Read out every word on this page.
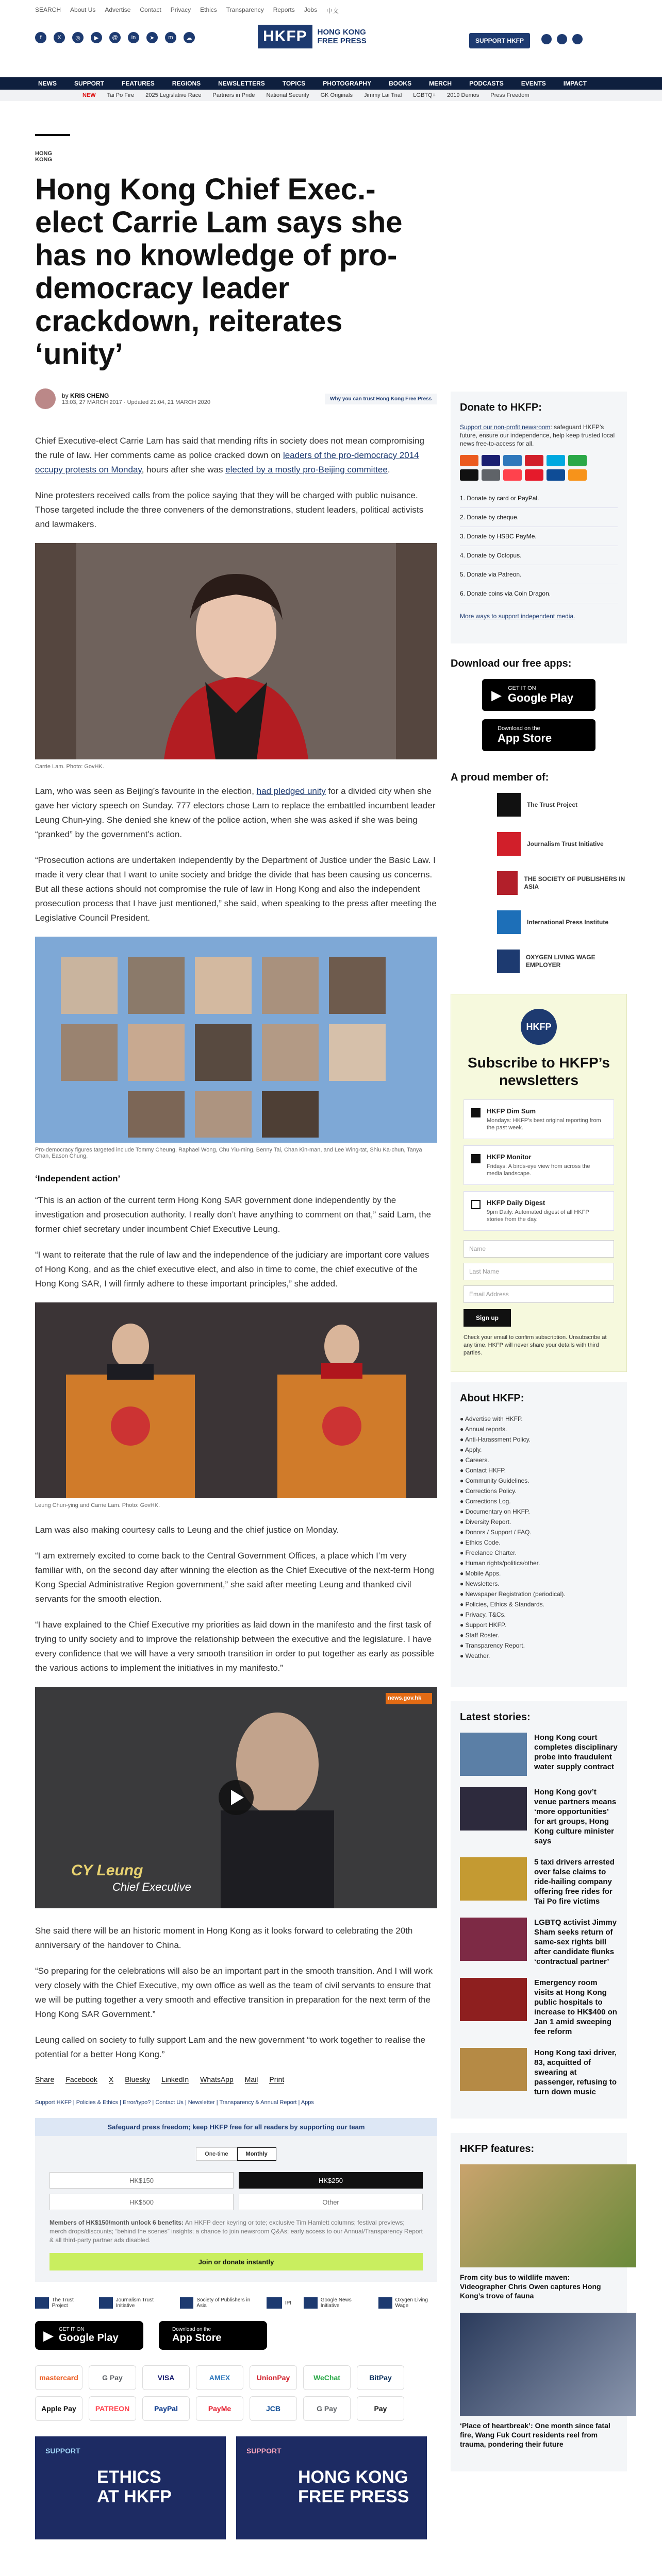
SEARCH About Us Advertise Contact Privacy Ethics Transparency Reports Jobs 中文
f	X	◎	▶	@	in	➤	m	☁	HKFP	HONG KONG
FREE PRESS	SUPPORT HKFP
NEWS	SUPPORT	FEATURES	REGIONS	NEWSLETTERS	TOPICS	PHOTOGRAPHY	BOOKS	MERCH	PODCASTS	EVENTS	IMPACT
NEW Tai Po Fire 2025 Legislative Race Partners in Pride National Security GK Originals Jimmy Lai Trial LGBTQ+ 2019 Demos Press Freedom
HONG KONG
Hong Kong Chief Exec.-elect Carrie Lam says she has no knowledge of pro-democracy leader crackdown, reiterates ‘unity’
by KRIS CHENG
13:03, 27 MARCH 2017 · Updated 21:04, 21 MARCH 2020
Why you can trust Hong Kong Free Press

Chief Executive-elect Carrie Lam has said that mending rifts in society does not mean compromising the rule of law. Her comments came as police cracked down on leaders of the pro-democracy 2014 occupy protests on Monday, hours after she was elected by a mostly pro-Beijing committee.

Nine protesters received calls from the police saying that they will be charged with public nuisance. Those targeted include the three conveners of the demonstrations, student leaders, political activists and lawmakers.

Carrie Lam. Photo: GovHK.

Lam, who was seen as Beijing’s favourite in the election, had pledged unity for a divided city when she gave her victory speech on Sunday. 777 electors chose Lam to replace the embattled incumbent leader Leung Chun-ying. She denied she knew of the police action, when she was asked if she was being “pranked” by the government’s action.

“Prosecution actions are undertaken independently by the Department of Justice under the Basic Law. I made it very clear that I want to unite society and bridge the divide that has been causing us concerns. But all these actions should not compromise the rule of law in Hong Kong and also the independent prosecution process that I have just mentioned,” she said, when speaking to the press after meeting the Legislative Council President.

Pro-democracy figures targeted include Tommy Cheung, Raphael Wong, Chu Yiu-ming, Benny Tai, Chan Kin-man, and Lee Wing-tat, Shiu Ka-chun, Tanya Chan, Eason Chung.
‘Independent action’

“This is an action of the current term Hong Kong SAR government done independently by the investigation and prosecution authority. I really don’t have anything to comment on that,” said Lam, the former chief secretary under incumbent Chief Executive Leung.

“I want to reiterate that the rule of law and the independence of the judiciary are important core values of Hong Kong, and as the chief executive elect, and also in time to come, the chief executive of the Hong Kong SAR, I will firmly adhere to these important principles,” she added.

Leung Chun-ying and Carrie Lam. Photo: GovHK.

Lam was also making courtesy calls to Leung and the chief justice on Monday.

“I am extremely excited to come back to the Central Government Offices, a place which I’m very familiar with, on the second day after winning the election as the Chief Executive of the next-term Hong Kong Special Administrative Region government,” she said after meeting Leung and thanked civil servants for the smooth election.

“I have explained to the Chief Executive my priorities as laid down in the manifesto and the first task of trying to unify society and to improve the relationship between the executive and the legislature. I have every confidence that we will have a very smooth transition in order to put together as early as possible the various actions to implement the initiatives in my manifesto.”

news.gov.hk
CY Leung
Chief Executive

She said there will be an historic moment in Hong Kong as it looks forward to celebrating the 20th anniversary of the handover to China.

“So preparing for the celebrations will also be an important part in the smooth transition. And I will work very closely with the Chief Executive, my own office as well as the team of civil servants to ensure that we will be putting together a very smooth and effective transition in preparation for the next term of the Hong Kong SAR Government.”

Leung called on society to fully support Lam and the new government “to work together to realise the potential for a better Hong Kong.”

Share Facebook X Bluesky LinkedIn WhatsApp Mail Print
Support HKFP | Policies & Ethics | Error/typo? | Contact Us | Newsletter | Transparency & Annual Report | Apps
Safeguard press freedom; keep HKFP free for all readers by supporting our team
One-time	Monthly
HK$150	HK$250
HK$500	Other
Members of HK$150/month unlock 6 benefits: An HKFP deer keyring or tote; exclusive Tim Hamlett columns; festival previews; merch drops/discounts; “behind the scenes” insights; a chance to join newsroom Q&As; early access to our Annual/Transparency Report & all third-party partner ads disabled.
Join or donate instantly
The Trust Project
Journalism Trust Initiative
Society of Publishers in Asia	IPI	Google News Initiative
Oxygen Living Wage
▶ GET IT ON
Google Play
Download on the
App Store
mastercard	G Pay	VISA	AMEX	UnionPay	WeChat	BitPay
Apple Pay	PATREON	PayPal	PayMe	JCB	G Pay	Pay
SUPPORT
ETHICS
AT HKFP
SUPPORT
HONG KONG
FREE PRESS
Donate to HKFP:
Support our non-profit newsroom: safeguard HKFP’s future, ensure our independence, help keep trusted local news free-to-access for all.
1. Donate by card or PayPal.
2. Donate by cheque.
3. Donate by HSBC PayMe.
4. Donate by Octopus.
5. Donate via Patreon.
6. Donate coins via Coin Dragon.
More ways to support independent media.
Download our free apps:
▶ GET IT ON
Google Play
Download on the
App Store
A proud member of:
The Trust Project
Journalism Trust Initiative
THE SOCIETY OF PUBLISHERS IN ASIA
International Press Institute
OXYGEN LIVING WAGE EMPLOYER
HKFP
Subscribe to HKFP’s newsletters
HKFP Dim Sum
Mondays: HKFP’s best original reporting from the past week.
HKFP Monitor
Fridays: A birds-eye view from across the media landscape.
HKFP Daily Digest
9pm Daily: Automated digest of all HKFP stories from the day.
Name
Last Name
Email Address
Sign up
Check your email to confirm subscription. Unsubscribe at any time. HKFP will never share your details with third parties.
About HKFP:
● Advertise with HKFP.
● Annual reports.
● Anti-Harassment Policy.
● Apply.
● Careers.
● Contact HKFP.
● Community Guidelines.
● Corrections Policy.
● Corrections Log.
● Documentary on HKFP.
● Diversity Report.
● Donors / Support / FAQ.
● Ethics Code.
● Freelance Charter.
● Human rights/politics/other.
● Mobile Apps.
● Newsletters.
● Newspaper Registration (periodical).
● Policies, Ethics & Standards.
● Privacy, T&Cs.
● Support HKFP.
● Staff Roster.
● Transparency Report.
● Weather.
Latest stories:
Hong Kong court completes disciplinary probe into fraudulent water supply contract
Hong Kong gov’t venue partners means ‘more opportunities’ for art groups, Hong Kong culture minister says
5 taxi drivers arrested over false claims to ride-hailing company offering free rides for Tai Po fire victims
LGBTQ activist Jimmy Sham seeks return of same-sex rights bill after candidate flunks ‘contractual partner’
Emergency room visits at Hong Kong public hospitals to increase to HK$400 on Jan 1 amid sweeping fee reform
Hong Kong taxi driver, 83, acquitted of swearing at passenger, refusing to turn down music
HKFP features:
From city bus to wildlife maven: Videographer Chris Owen captures Hong Kong’s trove of fauna
‘Place of heartbreak’: One month since fatal fire, Wang Fuk Court residents reel from trauma, pondering their future
